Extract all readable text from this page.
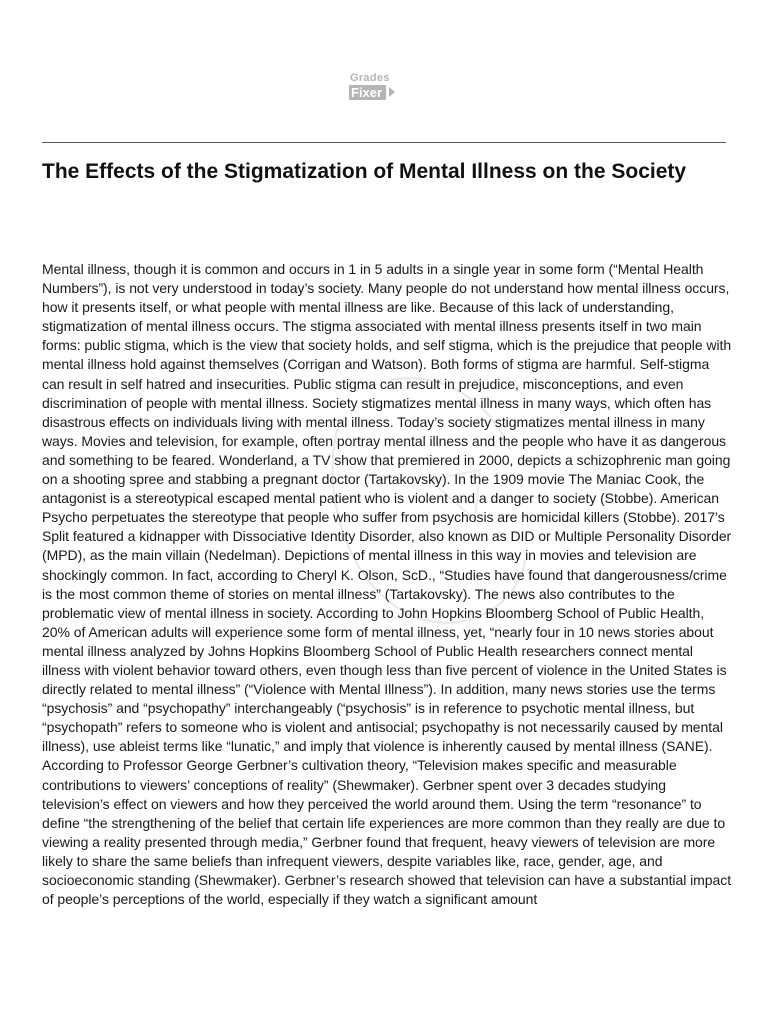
Grades
Fixer
The Effects of the Stigmatization of Mental Illness on the Society

Mental illness, though it is common and occurs in 1 in 5 adults in a single year in some form (“Mental Health Numbers”), is not very understood in today’s society. Many people do not understand how mental illness occurs, how it presents itself, or what people with mental illness are like. Because of this lack of understanding, stigmatization of mental illness occurs. The stigma associated with mental illness presents itself in two main forms: public stigma, which is the view that society holds, and self stigma, which is the prejudice that people with mental illness hold against themselves (Corrigan and Watson). Both forms of stigma are harmful. Self-stigma can result in self hatred and insecurities. Public stigma can result in prejudice, misconceptions, and even discrimination of people with mental illness. Society stigmatizes mental illness in many ways, which often has disastrous effects on individuals living with mental illness. Today’s society stigmatizes mental illness in many ways. Movies and television, for example, often portray mental illness and the people who have it as dangerous and something to be feared. Wonderland, a TV show that premiered in 2000, depicts a schizophrenic man going on a shooting spree and stabbing a pregnant doctor (Tartakovsky). In the 1909 movie The Maniac Cook, the antagonist is a stereotypical escaped mental patient who is violent and a danger to society (Stobbe). American Psycho perpetuates the stereotype that people who suffer from psychosis are homicidal killers (Stobbe). 2017’s Split featured a kidnapper with Dissociative Identity Disorder, also known as DID or Multiple Personality Disorder (MPD), as the main villain (Nedelman). Depictions of mental illness in this way in movies and television are shockingly common. In fact, according to Cheryl K. Olson, ScD., “Studies have found that dangerousness/crime is the most common theme of stories on mental illness” (Tartakovsky). The news also contributes to the problematic view of mental illness in society. According to John Hopkins Bloomberg School of Public Health, 20% of American adults will experience some form of mental illness, yet, “nearly four in 10 news stories about mental illness analyzed by Johns Hopkins Bloomberg School of Public Health researchers connect mental illness with violent behavior toward others, even though less than five percent of violence in the United States is directly related to mental illness” (“Violence with Mental Illness”). In addition, many news stories use the terms “psychosis” and “psychopathy” interchangeably (“psychosis” is in reference to psychotic mental illness, but “psychopath” refers to someone who is violent and antisocial; psychopathy is not necessarily caused by mental illness), use ableist terms like “lunatic,” and imply that violence is inherently caused by mental illness (SANE). According to Professor George Gerbner’s cultivation theory, “Television makes specific and measurable contributions to viewers’ conceptions of reality” (Shewmaker). Gerbner spent over 3 decades studying television’s effect on viewers and how they perceived the world around them. Using the term “resonance” to define “the strengthening of the belief that certain life experiences are more common than they really are due to viewing a reality presented through media,” Gerbner found that frequent, heavy viewers of television are more likely to share the same beliefs than infrequent viewers, despite variables like, race, gender, age, and socioeconomic standing (Shewmaker). Gerbner’s research showed that television can have a substantial impact of people’s perceptions of the world, especially if they watch a significant amount
